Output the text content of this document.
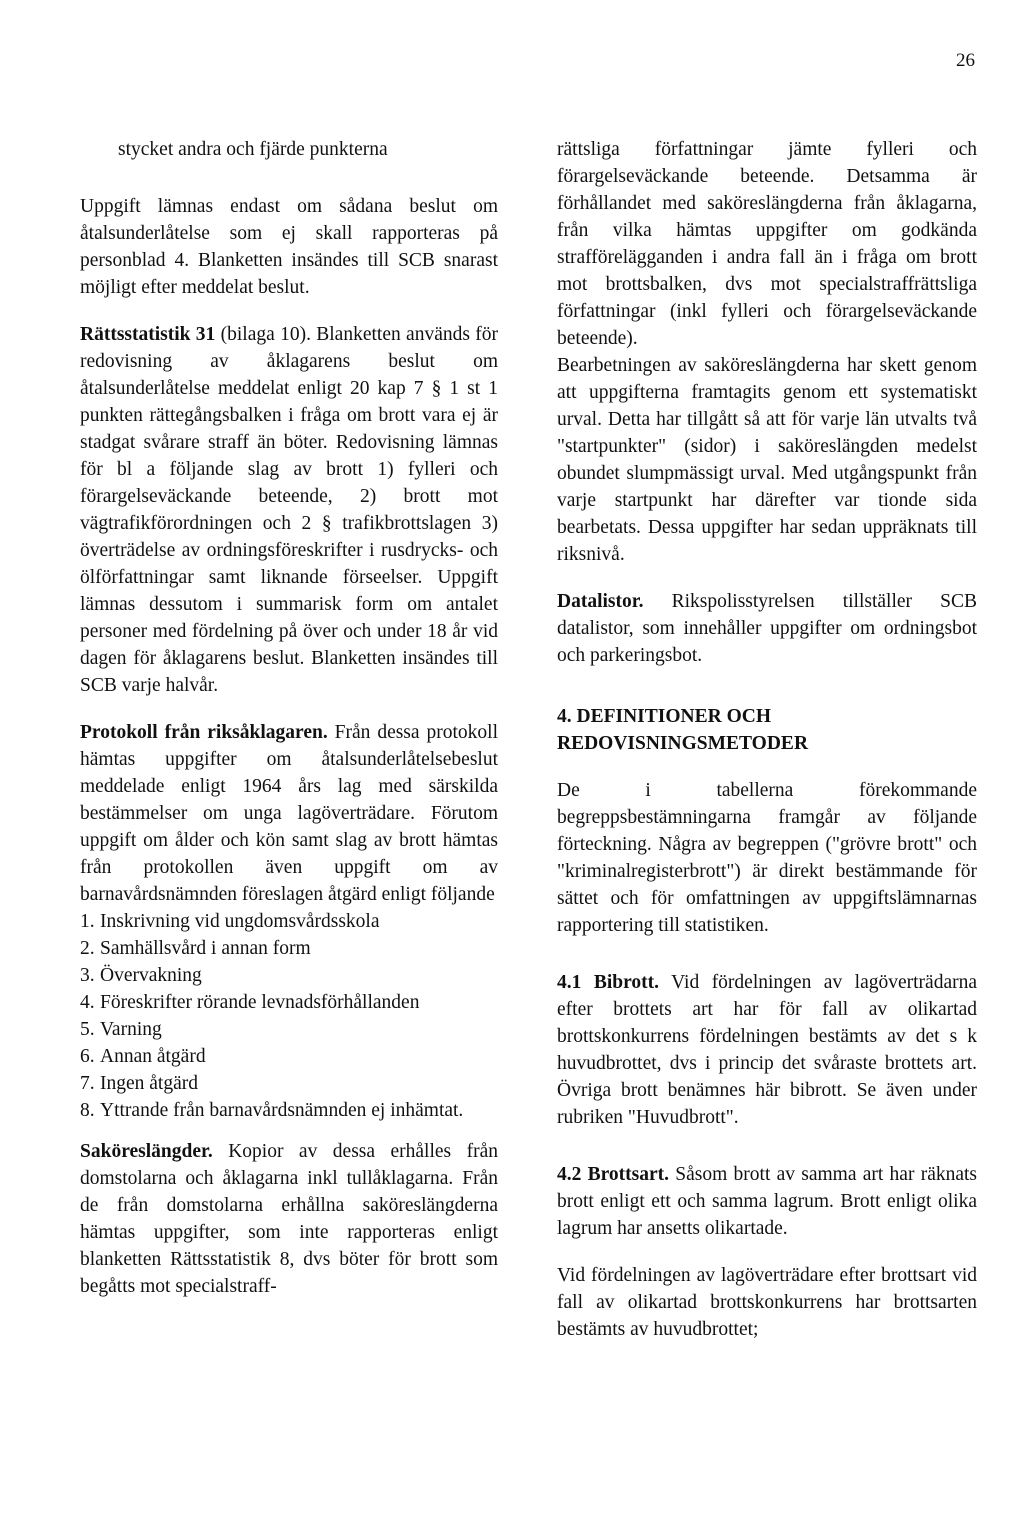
26

stycket andra och fjärde punkterna

Uppgift lämnas endast om sådana beslut om åtalsunderlåtelse som ej skall rapporteras på personblad 4. Blanketten insändes till SCB snarast möjligt efter meddelat beslut.

Rättsstatistik 31 (bilaga 10). Blanketten används för redovisning av åklagarens beslut om åtalsunderlåtelse meddelat enligt 20 kap 7 § 1 st 1 punkten rättegångsbalken i fråga om brott vara ej är stadgat svårare straff än böter. Redovisning lämnas för bl a följande slag av brott 1) fylleri och förargelseväckande beteende, 2) brott mot vägtrafikförordningen och 2 § trafikbrottslagen 3) överträdelse av ordningsföreskrifter i rusdrycks- och ölförfattningar samt liknande förseelser. Uppgift lämnas dessutom i summarisk form om antalet personer med fördelning på över och under 18 år vid dagen för åklagarens beslut. Blanketten insändes till SCB varje halvår.

Protokoll från riksåklagaren. Från dessa protokoll hämtas uppgifter om åtalsunderlåtelsebeslut meddelade enligt 1964 års lag med särskilda bestämmelser om unga lagöverträdare. Förutom uppgift om ålder och kön samt slag av brott hämtas från protokollen även uppgift om av barnavårdsnämnden föreslagen åtgärd enligt följande

1. Inskrivning vid ungdomsvårdsskola
2. Samhällsvård i annan form
3. Övervakning
4. Föreskrifter rörande levnadsförhållanden
5. Varning
6. Annan åtgärd
7. Ingen åtgärd
8. Yttrande från barnavårdsnämnden ej inhämtat.

Saköreslängder. Kopior av dessa erhålles från domstolarna och åklagarna inkl tullåklagarna. Från de från domstolarna erhållna saköreslängderna hämtas uppgifter, som inte rapporteras enligt blanketten Rättsstatistik 8, dvs böter för brott som begåtts mot specialstraff-

rättsliga författningar jämte fylleri och förargelseväckande beteende. Detsamma är förhållandet med saköreslängderna från åklagarna, från vilka hämtas uppgifter om godkända strafförelägganden i andra fall än i fråga om brott mot brottsbalken, dvs mot specialstraffrättsliga författningar (inkl fylleri och förargelseväckande beteende).

Bearbetningen av saköreslängderna har skett genom att uppgifterna framtagits genom ett systematiskt urval. Detta har tillgått så att för varje län utvalts två "startpunkter" (sidor) i saköreslängden medelst obundet slumpmässigt urval. Med utgångspunkt från varje startpunkt har därefter var tionde sida bearbetats. Dessa uppgifter har sedan uppräknats till riksnivå.

Datalistor. Rikspolisstyrelsen tillställer SCB datalistor, som innehåller uppgifter om ordningsbot och parkeringsbot.

4. DEFINITIONER OCH REDOVISNINGSMETODER

De i tabellerna förekommande begreppsbestämningarna framgår av följande förteckning. Några av begreppen ("grövre brott" och "kriminalregisterbrott") är direkt bestämmande för sättet och för omfattningen av uppgiftslämnarnas rapportering till statistiken.

4.1 Bibrott. Vid fördelningen av lagöverträdarna efter brottets art har för fall av olikartad brottskonkurrens fördelningen bestämts av det s k huvudbrottet, dvs i princip det svåraste brottets art. Övriga brott benämnes här bibrott. Se även under rubriken "Huvudbrott".

4.2 Brottsart. Såsom brott av samma art har räknats brott enligt ett och samma lagrum. Brott enligt olika lagrum har ansetts olikartade.

Vid fördelningen av lagöverträdare efter brottsart vid fall av olikartad brottskonkurrens har brottsarten bestämts av huvudbrottet;
